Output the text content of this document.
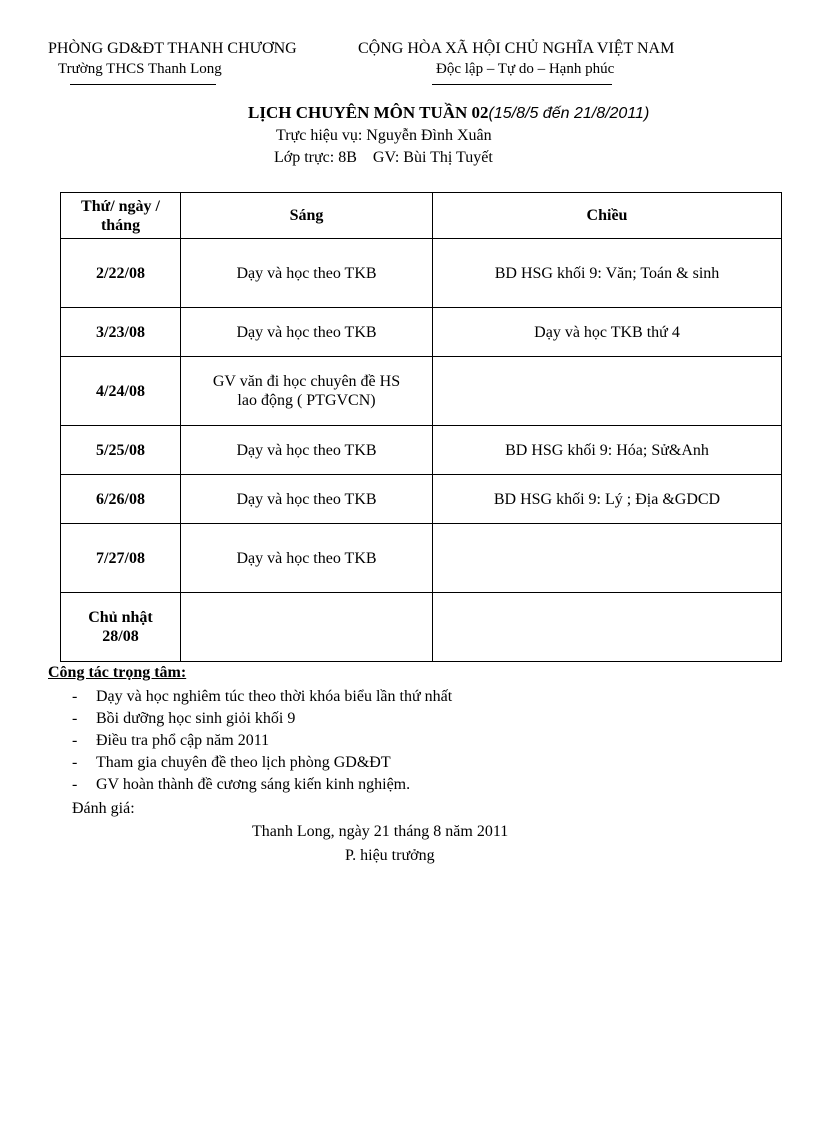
PHÒNG GD&ĐT THANH CHƯƠNG
Trường THCS Thanh Long
CỘNG HÒA XÃ HỘI CHỦ NGHĨA VIỆT NAM
Độc lập – Tự do – Hạnh phúc
LỊCH CHUYÊN MÔN TUẦN 02(15/8/5 đến 21/8/2011)
Trực hiệu vụ: Nguyễn Đình Xuân
Lớp trực: 8B    GV: Bùi Thị Tuyết
Thứ/ ngày / tháng	Sáng	Chiều
2/22/08	Dạy và học theo TKB	BD HSG khối 9: Văn; Toán & sinh
3/23/08	Dạy và học theo TKB	Dạy và học TKB thứ 4
4/24/08	GV văn đi học chuyên đề HS lao động ( PTGVCN)	
5/25/08	Dạy và học theo TKB	BD HSG khối 9: Hóa; Sử&Anh
6/26/08	Dạy và học theo TKB	BD HSG khối 9: Lý ; Địa &GDCD
7/27/08	Dạy và học theo TKB	
Chủ nhật 28/08		
Công tác trọng tâm:
- Dạy và học nghiêm túc theo thời khóa biểu lần thứ nhất
- Bồi dưỡng học sinh giỏi khối 9
- Điều tra phổ cập năm 2011
- Tham gia chuyên đề theo lịch phòng GD&ĐT
- GV hoàn thành đề cương sáng kiến kinh nghiệm.
Đánh giá:
Thanh Long, ngày 21 tháng 8 năm 2011
P. hiệu trưởng
